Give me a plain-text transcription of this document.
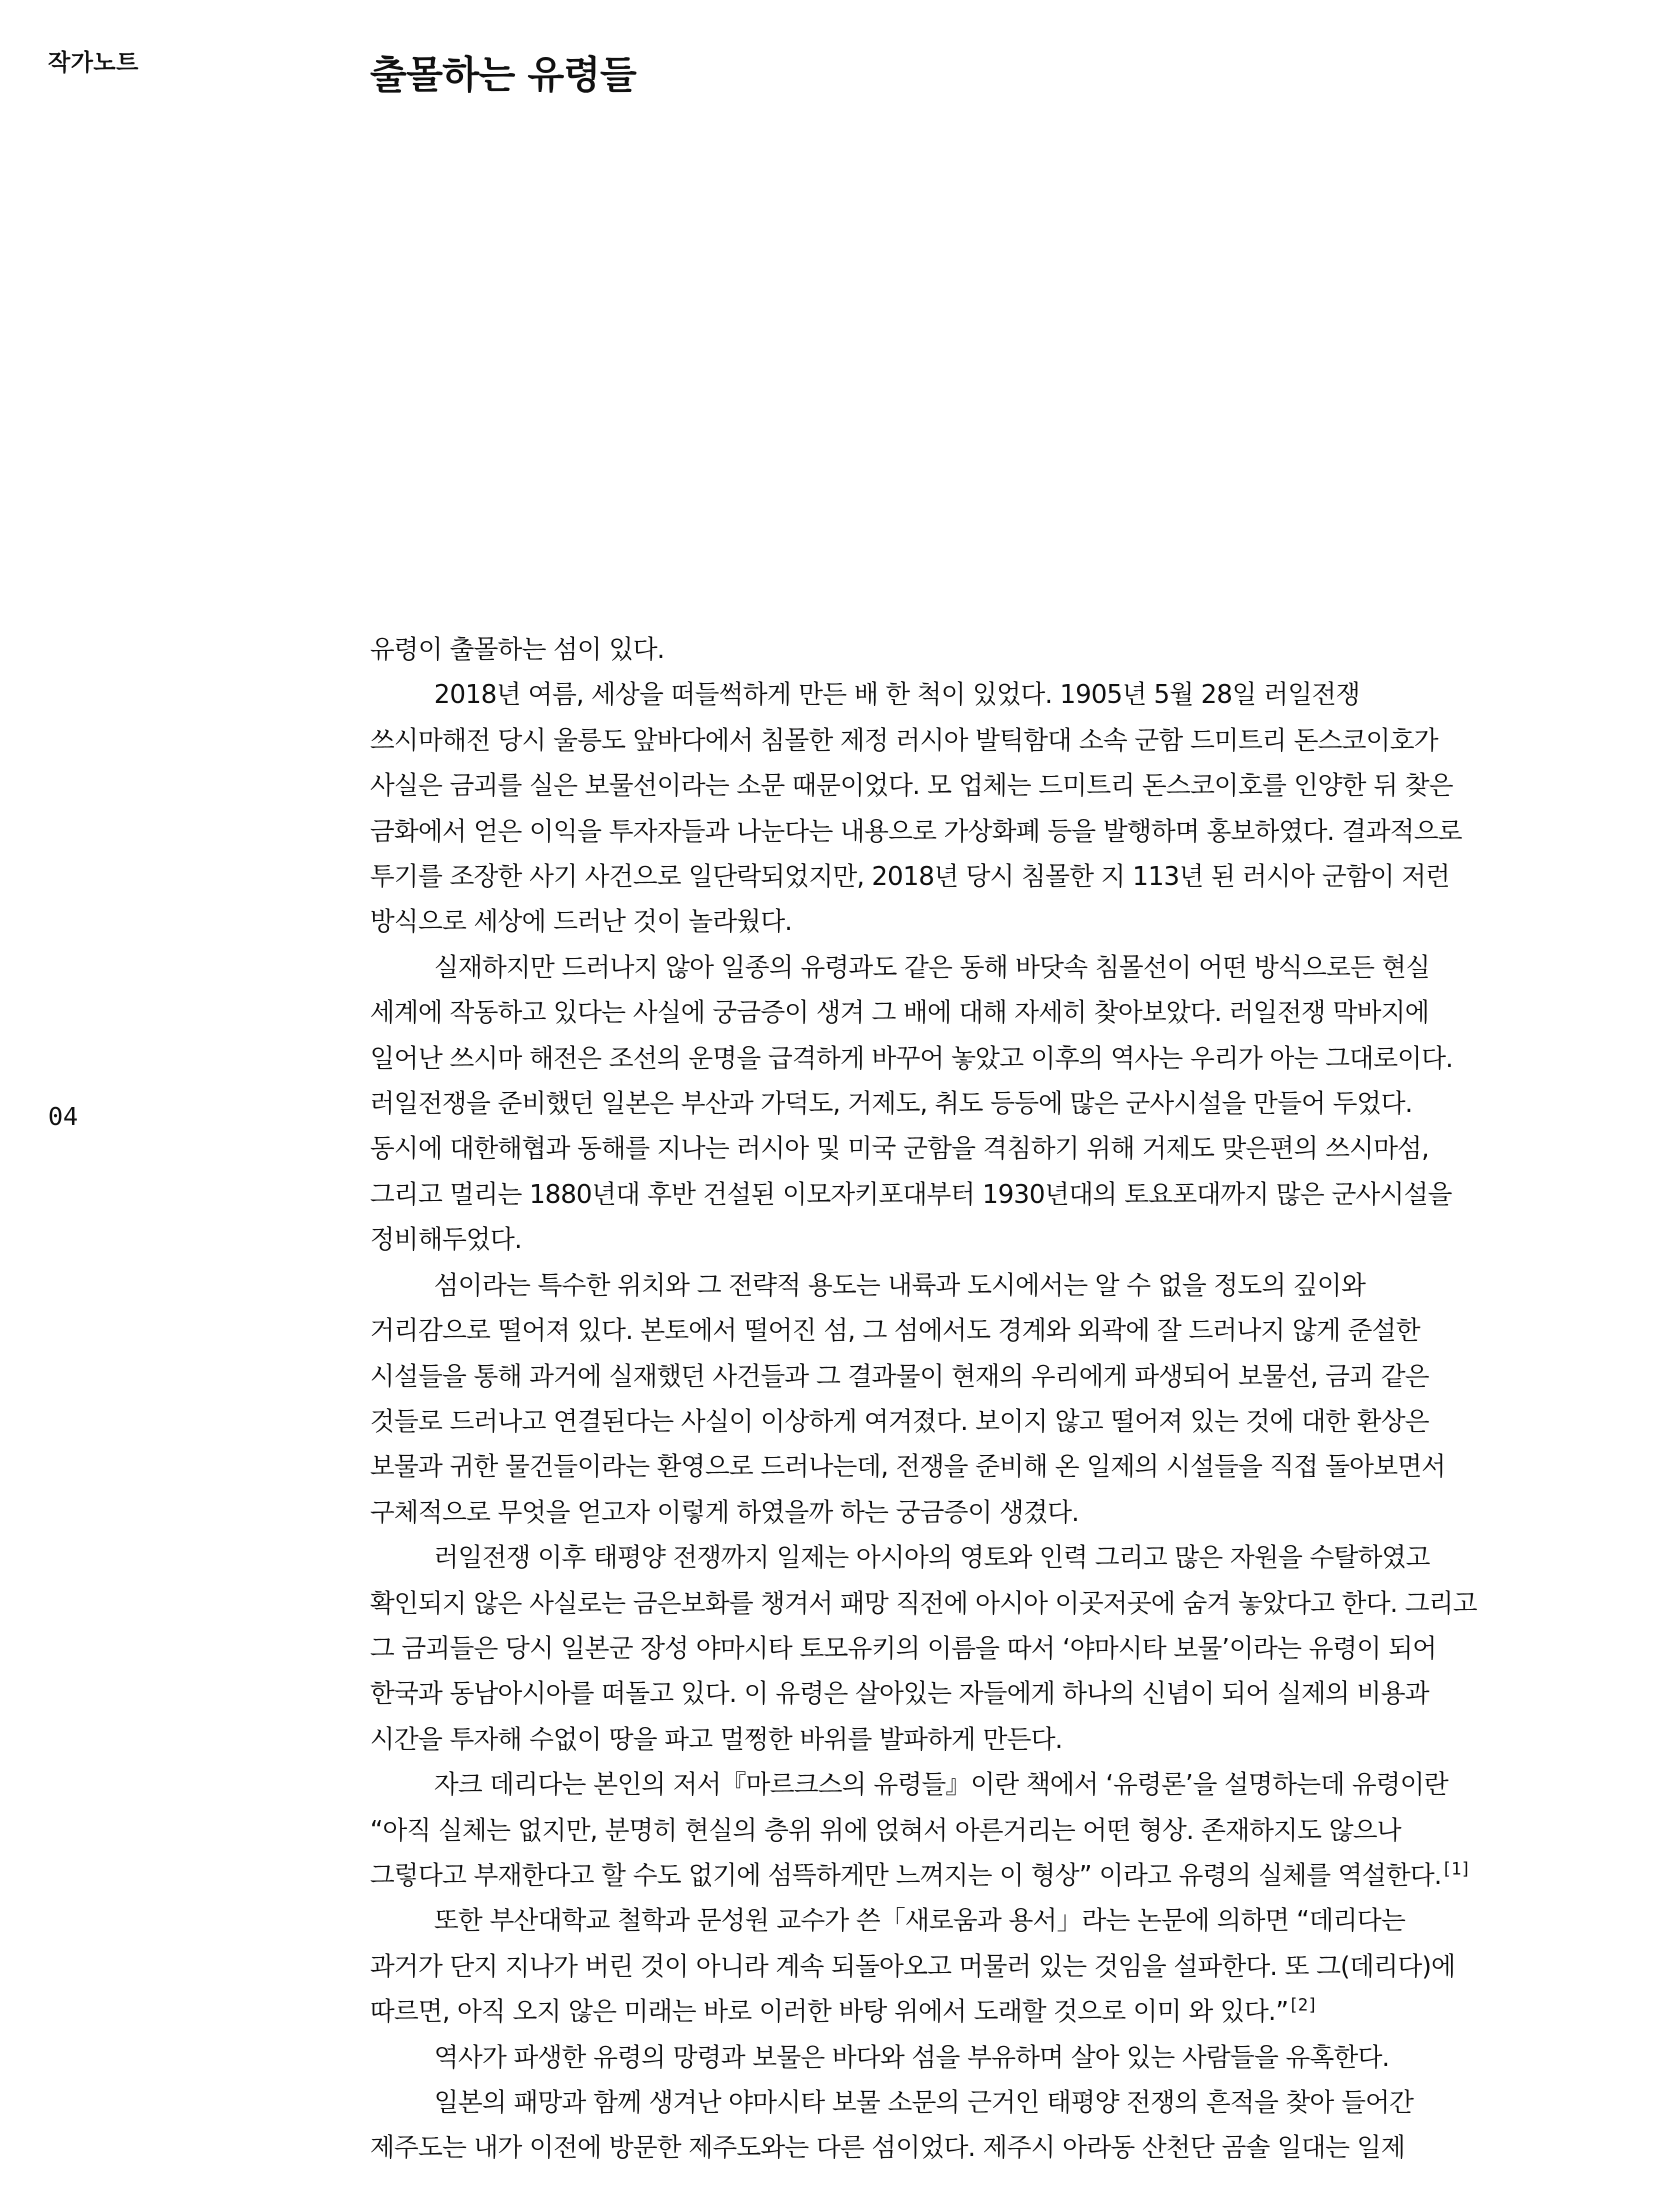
작가노트	출몰하는 유령들
04

유령이 출몰하는 섬이 있다.

2018년 여름, 세상을 떠들썩하게 만든 배 한 척이 있었다. 1905년 5월 28일 러일전쟁 쓰시마해전 당시 울릉도 앞바다에서 침몰한 제정 러시아 발틱함대 소속 군함 드미트리 돈스코이호가 사실은 금괴를 실은 보물선이라는 소문 때문이었다. 모 업체는 드미트리 돈스코이호를 인양한 뒤 찾은 금화에서 얻은 이익을 투자자들과 나눈다는 내용으로 가상화폐 등을 발행하며 홍보하였다. 결과적으로 투기를 조장한 사기 사건으로 일단락되었지만, 2018년 당시 침몰한 지 113년 된 러시아 군함이 저런 방식으로 세상에 드러난 것이 놀라웠다.

실재하지만 드러나지 않아 일종의 유령과도 같은 동해 바닷속 침몰선이 어떤 방식으로든 현실 세계에 작동하고 있다는 사실에 궁금증이 생겨 그 배에 대해 자세히 찾아보았다. 러일전쟁 막바지에 일어난 쓰시마 해전은 조선의 운명을 급격하게 바꾸어 놓았고 이후의 역사는 우리가 아는 그대로이다. 러일전쟁을 준비했던 일본은 부산과 가덕도, 거제도, 취도 등등에 많은 군사시설을 만들어 두었다. 동시에 대한해협과 동해를 지나는 러시아 및 미국 군함을 격침하기 위해 거제도 맞은편의 쓰시마섬, 그리고 멀리는 1880년대 후반 건설된 이모자키포대부터 1930년대의 토요포대까지 많은 군사시설을 정비해두었다.

섬이라는 특수한 위치와 그 전략적 용도는 내륙과 도시에서는 알 수 없을 정도의 깊이와 거리감으로 떨어져 있다. 본토에서 떨어진 섬, 그 섬에서도 경계와 외곽에 잘 드러나지 않게 준설한 시설들을 통해 과거에 실재했던 사건들과 그 결과물이 현재의 우리에게 파생되어 보물선, 금괴 같은 것들로 드러나고 연결된다는 사실이 이상하게 여겨졌다. 보이지 않고 떨어져 있는 것에 대한 환상은 보물과 귀한 물건들이라는 환영으로 드러나는데, 전쟁을 준비해 온 일제의 시설들을 직접 돌아보면서 구체적으로 무엇을 얻고자 이렇게 하였을까 하는 궁금증이 생겼다.

러일전쟁 이후 태평양 전쟁까지 일제는 아시아의 영토와 인력 그리고 많은 자원을 수탈하였고 확인되지 않은 사실로는 금은보화를 챙겨서 패망 직전에 아시아 이곳저곳에 숨겨 놓았다고 한다. 그리고 그 금괴들은 당시 일본군 장성 야마시타 토모유키의 이름을 따서 ‘야마시타 보물’이라는 유령이 되어 한국과 동남아시아를 떠돌고 있다. 이 유령은 살아있는 자들에게 하나의 신념이 되어 실제의 비용과 시간을 투자해 수없이 땅을 파고 멀쩡한 바위를 발파하게 만든다.

자크 데리다는 본인의 저서『마르크스의 유령들』이란 책에서 ‘유령론’을 설명하는데 유령이란 “아직 실체는 없지만, 분명히 현실의 층위 위에 얹혀서 아른거리는 어떤 형상. 존재하지도 않으나 그렇다고 부재한다고 할 수도 없기에 섬뜩하게만 느껴지는 이 형상” 이라고 유령의 실체를 역설한다.[1]

또한 부산대학교 철학과 문성원 교수가 쓴「새로움과 용서」라는 논문에 의하면 “데리다는 과거가 단지 지나가 버린 것이 아니라 계속 되돌아오고 머물러 있는 것임을 설파한다. 또 그(데리다)에 따르면, 아직 오지 않은 미래는 바로 이러한 바탕 위에서 도래할 것으로 이미 와 있다.”[2]

역사가 파생한 유령의 망령과 보물은 바다와 섬을 부유하며 살아 있는 사람들을 유혹한다.

일본의 패망과 함께 생겨난 야마시타 보물 소문의 근거인 태평양 전쟁의 흔적을 찾아 들어간 제주도는 내가 이전에 방문한 제주도와는 다른 섬이었다. 제주시 아라동 산천단 곰솔 일대는 일제
